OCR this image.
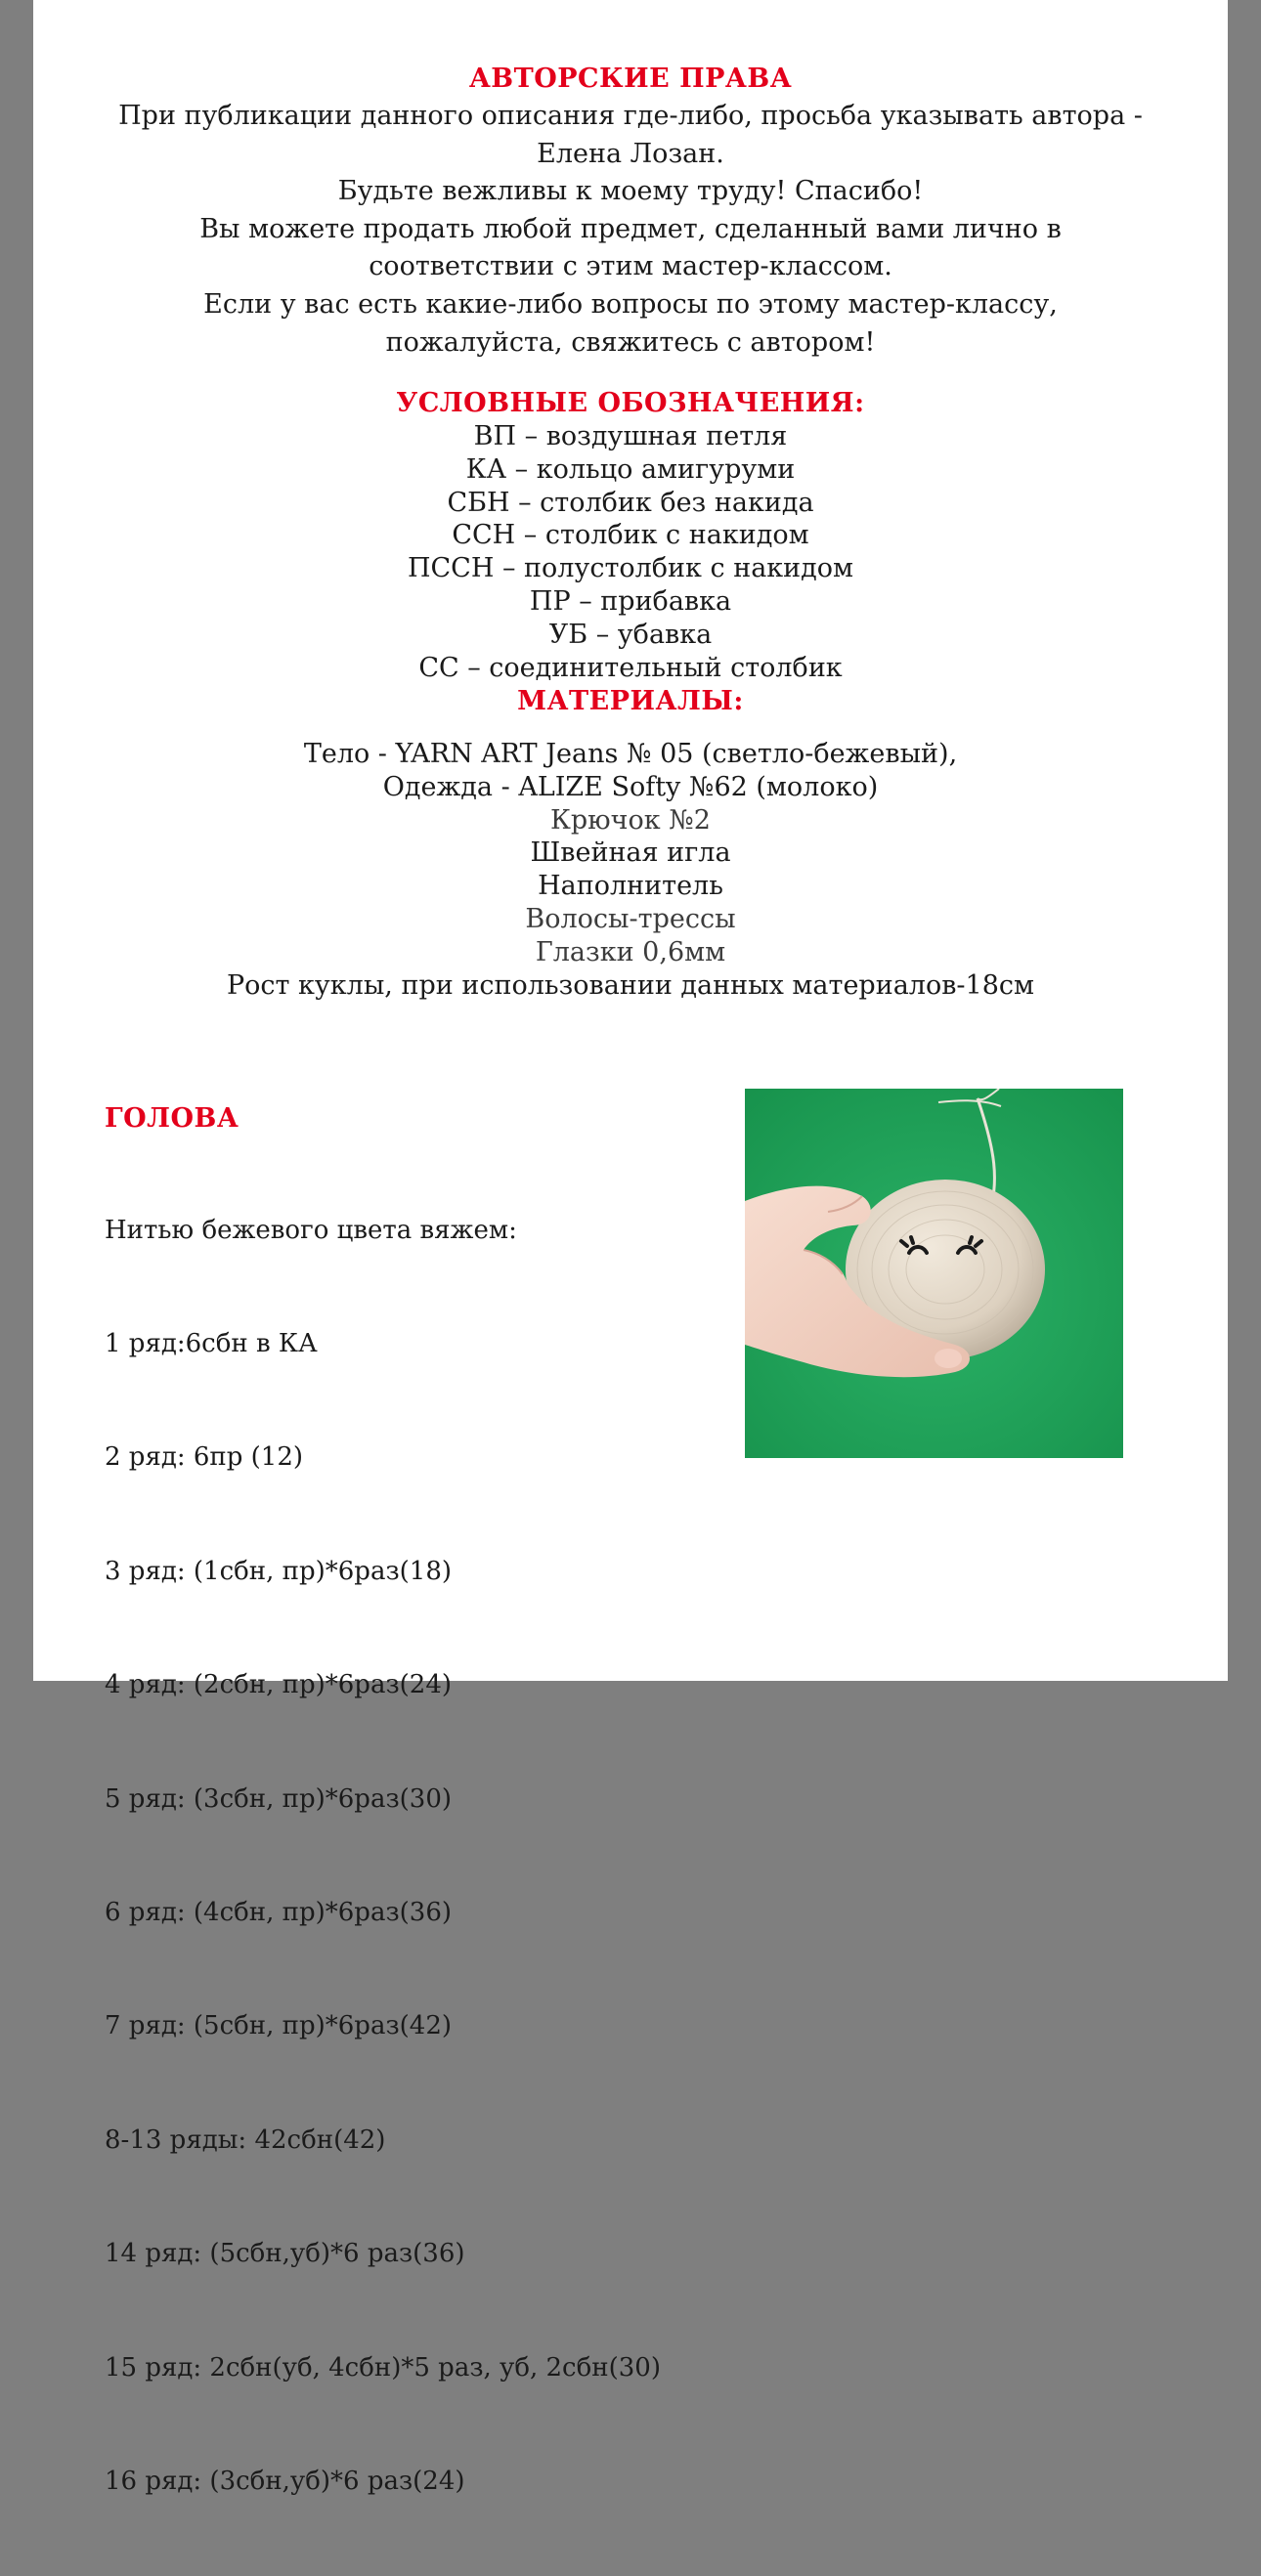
АВТОРСКИЕ ПРАВА
При публикации данного описания где-либо, просьба указывать автора -
Елена Лозан.
Будьте вежливы к моему труду! Спасибо!
Вы можете продать любой предмет, сделанный вами лично в
соответствии с этим мастер-классом.
Если у вас есть какие-либо вопросы по этому мастер-классу,
пожалуйста, свяжитесь с автором!
УСЛОВНЫЕ ОБОЗНАЧЕНИЯ:
ВП – воздушная петля
КА – кольцо амигуруми
СБН – столбик без накида
ССН – столбик с накидом
ПССН – полустолбик с накидом
ПР – прибавка
УБ – убавка
СС – соединительный столбик
МАТЕРИАЛЫ:
Тело - YARN ART Jeans № 05 (светло-бежевый),
Одежда - ALIZE Softy №62 (молоко)
Крючок №2
Швейная игла
Наполнитель
Волосы-трессы
Глазки 0,6мм
Рост куклы, при использовании данных материалов-18см
ГОЛОВА

Нитью бежевого цвета вяжем:

1 ряд:6сбн в КА

2 ряд: 6пр (12)

3 ряд: (1сбн, пр)*6раз(18)

4 ряд: (2сбн, пр)*6раз(24)

5 ряд: (3сбн, пр)*6раз(30)

6 ряд: (4сбн, пр)*6раз(36)

7 ряд: (5сбн, пр)*6раз(42)

8-13 ряды: 42сбн(42)

14 ряд: (5сбн,уб)*6 раз(36)

15 ряд: 2сбн(уб, 4сбн)*5 раз, уб, 2сбн(30)

16 ряд: (3сбн,уб)*6 раз(24)
